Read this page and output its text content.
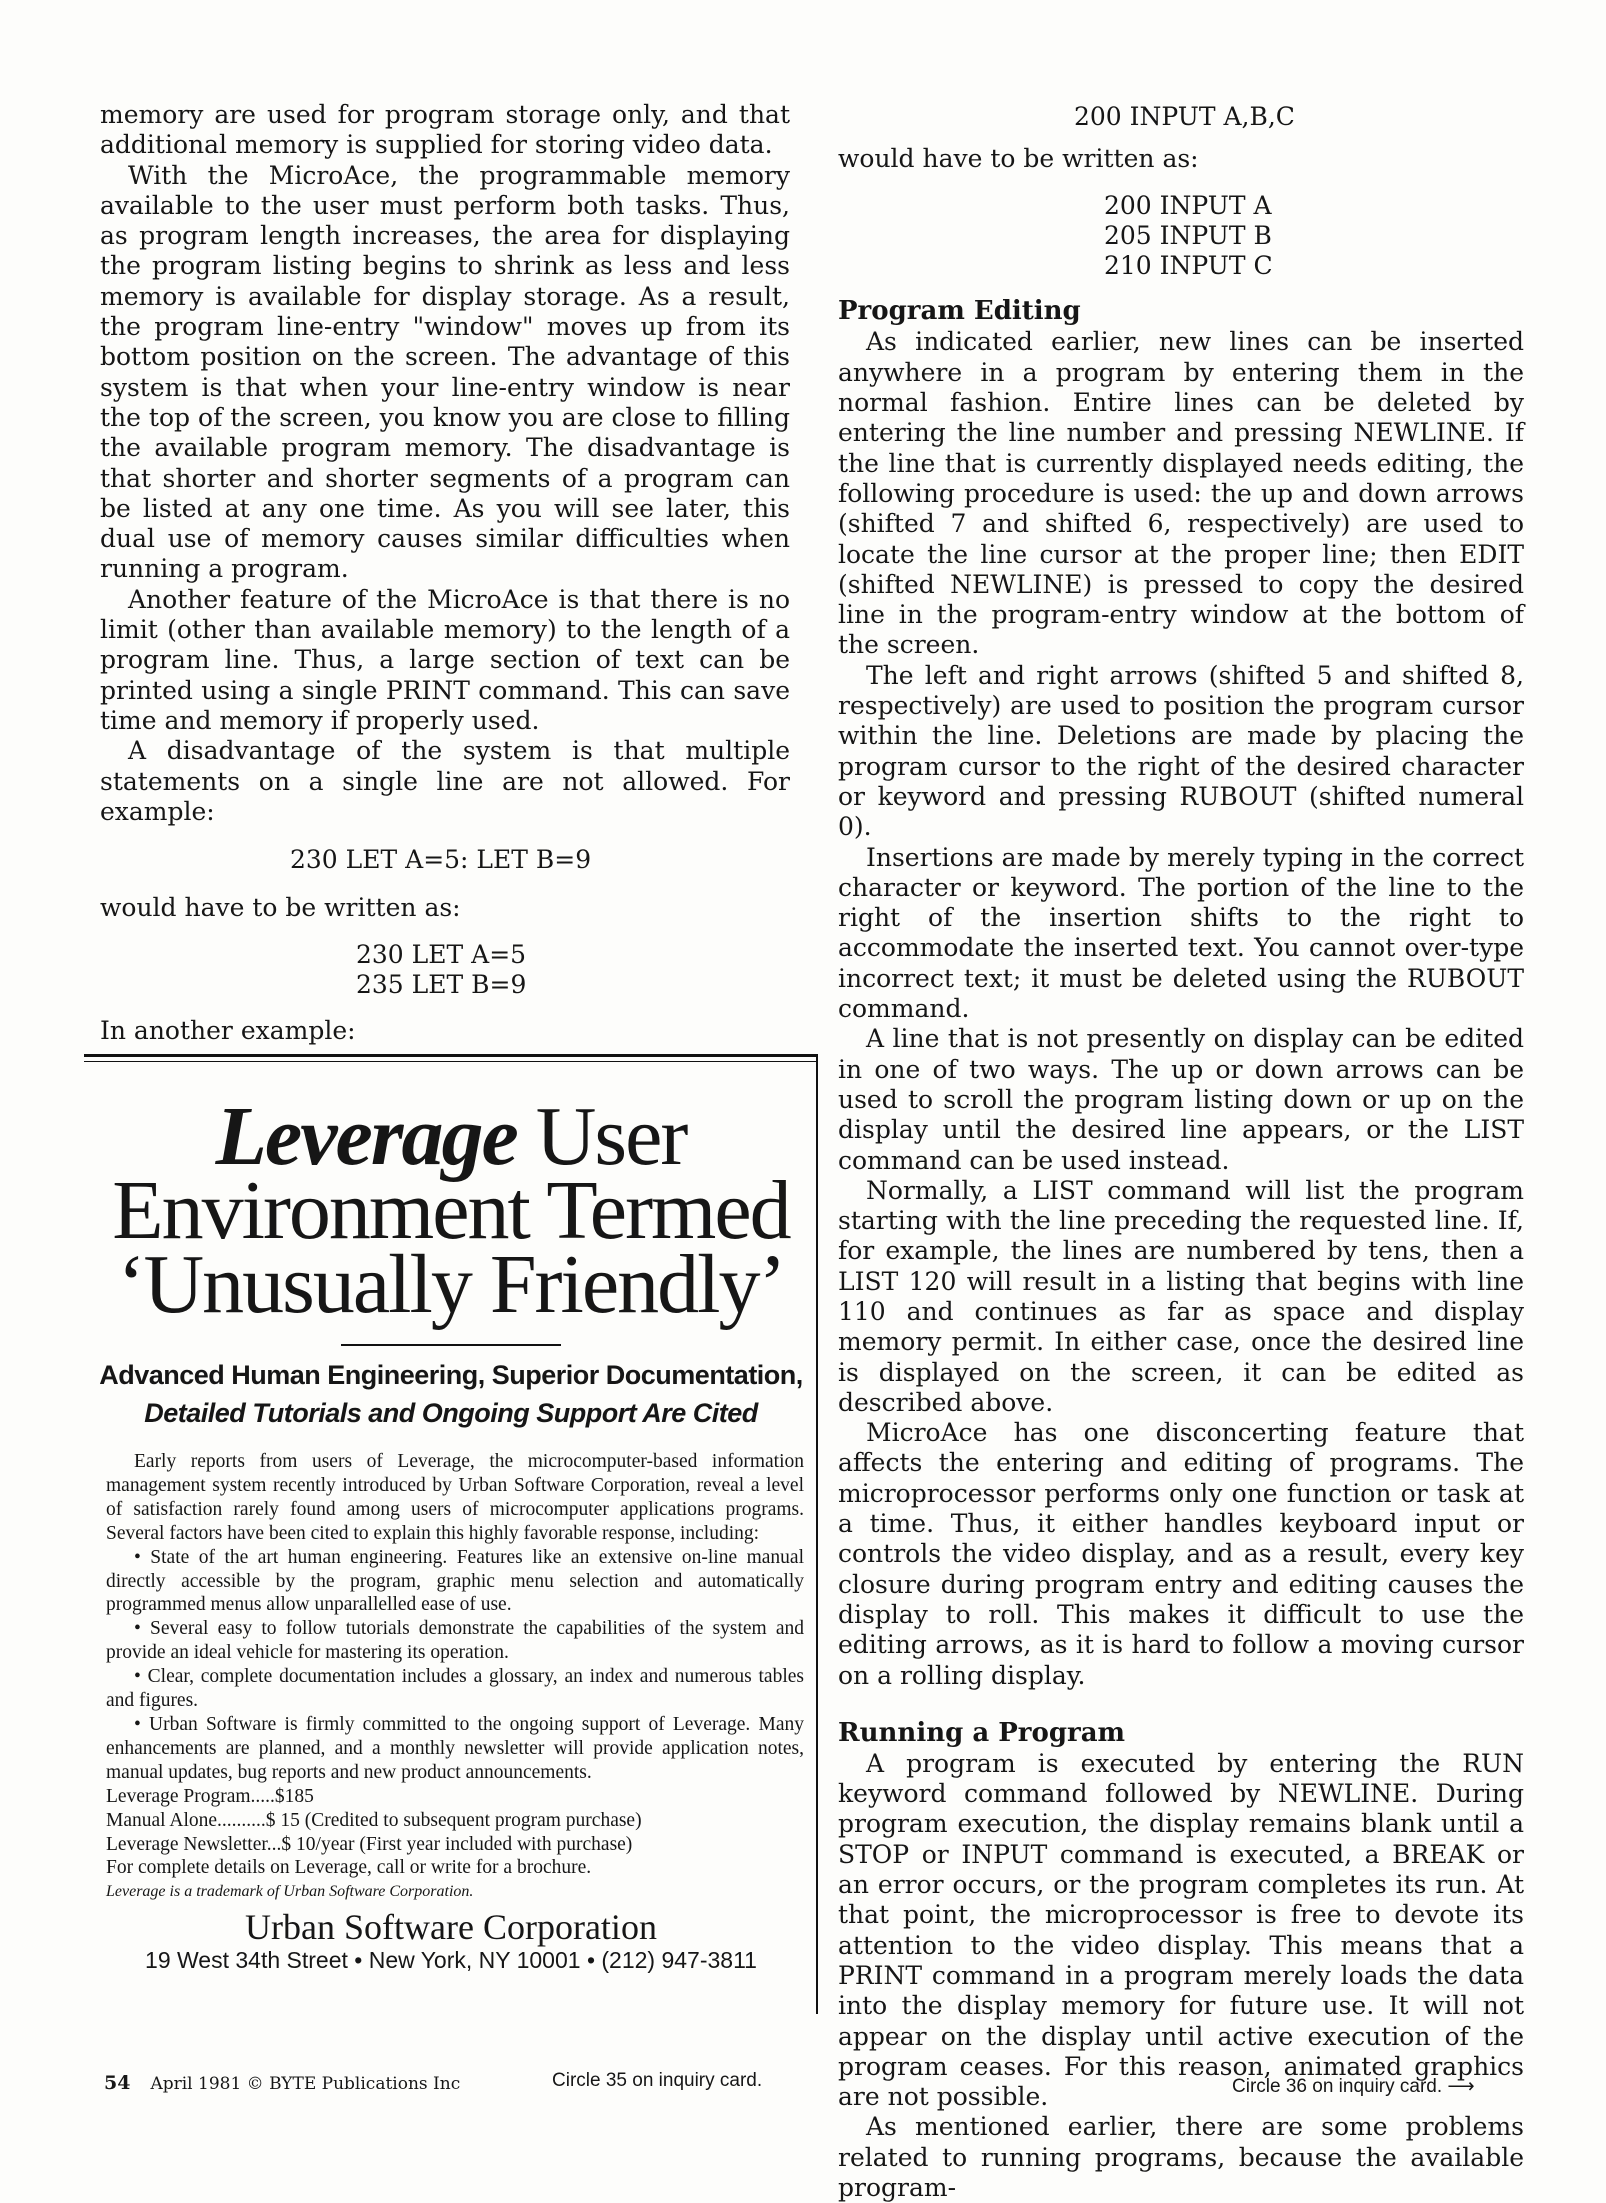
memory are used for program storage only, and that additional memory is supplied for storing video data.

With the MicroAce, the programmable memory available to the user must perform both tasks. Thus, as program length increases, the area for displaying the program listing begins to shrink as less and less memory is available for display storage. As a result, the program line-entry "window" moves up from its bottom position on the screen. The advantage of this system is that when your line-entry window is near the top of the screen, you know you are close to filling the available program memory. The disadvantage is that shorter and shorter segments of a program can be listed at any one time. As you will see later, this dual use of memory causes similar difficulties when running a program.

Another feature of the MicroAce is that there is no limit (other than available memory) to the length of a program line. Thus, a large section of text can be printed using a single PRINT command. This can save time and memory if properly used.

A disadvantage of the system is that multiple statements on a single line are not allowed. For example:

230 LET A=5: LET B=9

would have to be written as:

230 LET A=5
235 LET B=9

In another example:

200 INPUT A,B,C

would have to be written as:

200 INPUT A
205 INPUT B
210 INPUT C
Program Editing

As indicated earlier, new lines can be inserted anywhere in a program by entering them in the normal fashion. Entire lines can be deleted by entering the line number and pressing NEWLINE. If the line that is currently displayed needs editing, the following procedure is used: the up and down arrows (shifted 7 and shifted 6, respectively) are used to locate the line cursor at the proper line; then EDIT (shifted NEWLINE) is pressed to copy the desired line in the program-entry window at the bottom of the screen.

The left and right arrows (shifted 5 and shifted 8, respectively) are used to position the program cursor within the line. Deletions are made by placing the program cursor to the right of the desired character or keyword and pressing RUBOUT (shifted numeral 0).

Insertions are made by merely typing in the correct character or keyword. The portion of the line to the right of the insertion shifts to the right to accommodate the inserted text. You cannot over-type incorrect text; it must be deleted using the RUBOUT command.

A line that is not presently on display can be edited in one of two ways. The up or down arrows can be used to scroll the program listing down or up on the display until the desired line appears, or the LIST command can be used instead.

Normally, a LIST command will list the program starting with the line preceding the requested line. If, for example, the lines are numbered by tens, then a LIST 120 will result in a listing that begins with line 110 and continues as far as space and display memory permit. In either case, once the desired line is displayed on the screen, it can be edited as described above.

MicroAce has one disconcerting feature that affects the entering and editing of programs. The microprocessor performs only one function or task at a time. Thus, it either handles keyboard input or controls the video display, and as a result, every key closure during program entry and editing causes the display to roll. This makes it difficult to use the editing arrows, as it is hard to follow a moving cursor on a rolling display.

Running a Program

A program is executed by entering the RUN keyword command followed by NEWLINE. During program execution, the display remains blank until a STOP or INPUT command is executed, a BREAK or an error occurs, or the program completes its run. At that point, the microprocessor is free to devote its attention to the video display. This means that a PRINT command in a program merely loads the data into the display memory for future use. It will not appear on the display until active execution of the program ceases. For this reason, animated graphics are not possible.

As mentioned earlier, there are some problems related to running programs, because the available program-

Leverage User
Environment Termed
‘Unusually Friendly’
Advanced Human Engineering, Superior Documentation,
Detailed Tutorials and Ongoing Support Are Cited
Early reports from users of Leverage, the microcomputer-based information management system recently introduced by Urban Software Corporation, reveal a level of satisfaction rarely found among users of microcomputer applications programs. Several factors have been cited to explain this highly favorable response, including:
• State of the art human engineering. Features like an extensive on-line manual directly accessible by the program, graphic menu selection and automatically programmed menus allow unparallelled ease of use.
• Several easy to follow tutorials demonstrate the capabilities of the system and provide an ideal vehicle for mastering its operation.
• Clear, complete documentation includes a glossary, an index and numerous tables and figures.
• Urban Software is firmly committed to the ongoing support of Leverage. Many enhancements are planned, and a monthly newsletter will provide application notes, manual updates, bug reports and new product announcements.
Leverage Program.....$185
Manual Alone..........$ 15 (Credited to subsequent program purchase)
Leverage Newsletter...$ 10/year (First year included with purchase)
For complete details on Leverage, call or write for a brochure.
Leverage is a trademark of Urban Software Corporation.
Urban Software Corporation
19 West 34th Street • New York, NY 10001 • (212) 947-3811
54 April 1981 © BYTE Publications Inc	Circle 35 on inquiry card.	Circle 36 on inquiry card. ⟶
